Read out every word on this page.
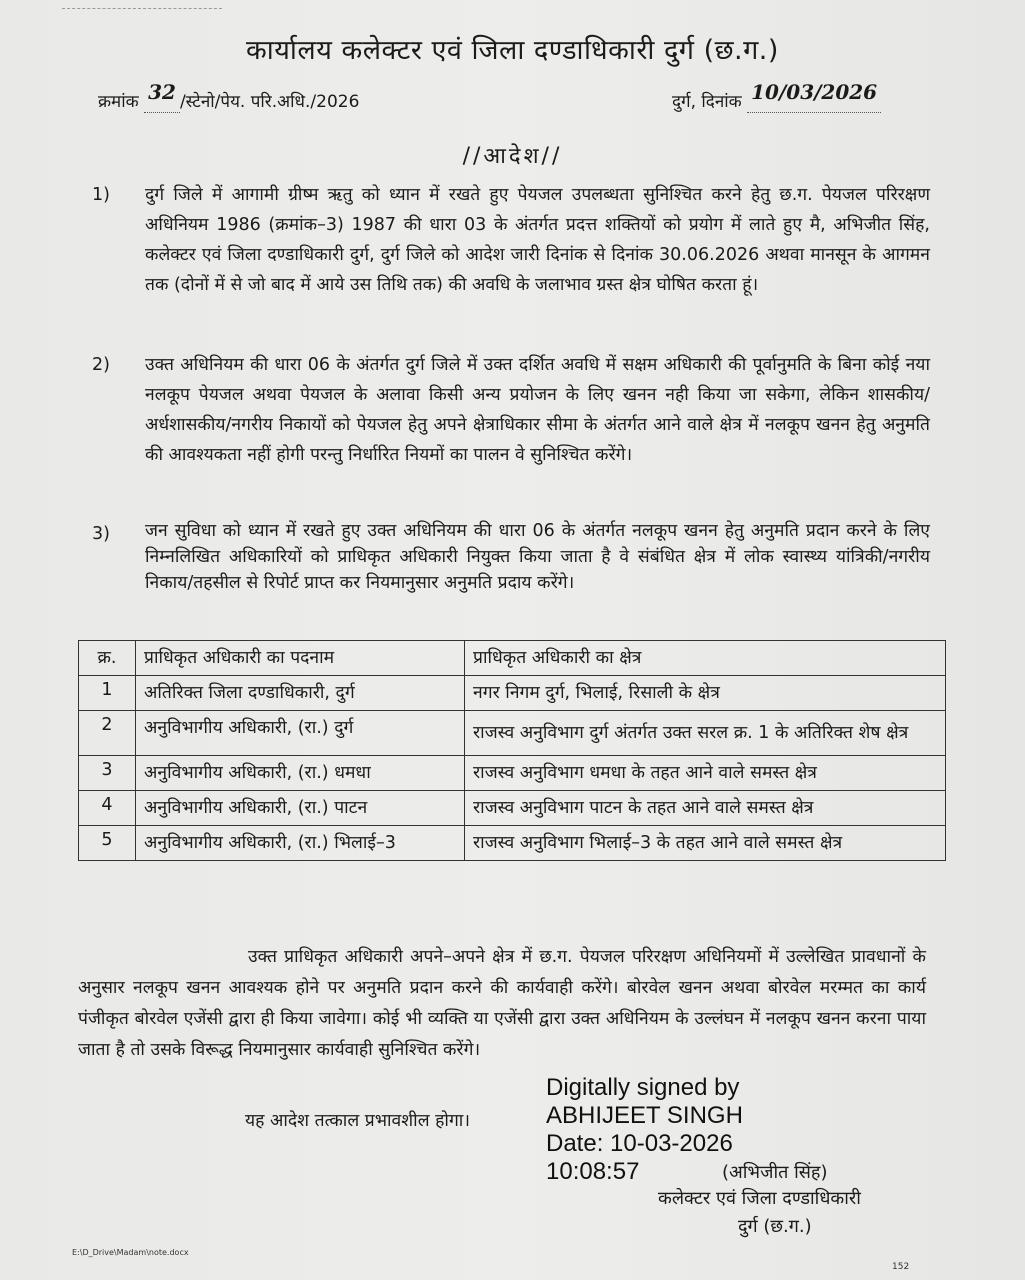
कार्यालय कलेक्टर एवं जिला दण्डाधिकारी दुर्ग (छ.ग.)
क्रमांक 32 /स्टेनो/पेय. परि.अधि./2026	दुर्ग, दिनांक 10/03/2026
//आदेश//
1) दुर्ग जिले में आगामी ग्रीष्म ऋतु को ध्यान में रखते हुए पेयजल उपलब्धता सुनिश्चित करने हेतु छ.ग. पेयजल परिरक्षण अधिनियम 1986 (क्रमांक–3) 1987 की धारा 03 के अंतर्गत प्रदत्त शक्तियों को प्रयोग में लाते हुए मै, अभिजीत सिंह, कलेक्टर एवं जिला दण्डाधिकारी दुर्ग, दुर्ग जिले को आदेश जारी दिनांक से दिनांक 30.06.2026 अथवा मानसून के आगमन तक (दोनों में से जो बाद में आये उस तिथि तक) की अवधि के जलाभाव ग्रस्त क्षेत्र घोषित करता हूं।
2) उक्त अधिनियम की धारा 06 के अंतर्गत दुर्ग जिले में उक्त दर्शित अवधि में सक्षम अधिकारी की पूर्वानुमति के बिना कोई नया नलकूप पेयजल अथवा पेयजल के अलावा किसी अन्य प्रयोजन के लिए खनन नही किया जा सकेगा, लेकिन शासकीय/अर्धशासकीय/नगरीय निकायों को पेयजल हेतु अपने क्षेत्राधिकार सीमा के अंतर्गत आने वाले क्षेत्र में नलकूप खनन हेतु अनुमति की आवश्यकता नहीं होगी परन्तु निर्धारित नियमों का पालन वे सुनिश्चित करेंगे।
3) जन सुविधा को ध्यान में रखते हुए उक्त अधिनियम की धारा 06 के अंतर्गत नलकूप खनन हेतु अनुमति प्रदान करने के लिए निम्नलिखित अधिकारियों को प्राधिकृत अधिकारी नियुक्त किया जाता है वे संबंधित क्षेत्र में लोक स्वास्थ्य यांत्रिकी/नगरीय निकाय/तहसील से रिपोर्ट प्राप्त कर नियमानुसार अनुमति प्रदाय करेंगे।
क्र.	प्राधिकृत अधिकारी का पदनाम	प्राधिकृत अधिकारी का क्षेत्र
1	अतिरिक्त जिला दण्डाधिकारी, दुर्ग	नगर निगम दुर्ग, भिलाई, रिसाली के क्षेत्र
2	अनुविभागीय अधिकारी, (रा.) दुर्ग	राजस्व अनुविभाग दुर्ग अंतर्गत उक्त सरल क्र. 1 के अतिरिक्त शेष क्षेत्र
3	अनुविभागीय अधिकारी, (रा.) धमधा	राजस्व अनुविभाग धमधा के तहत आने वाले समस्त क्षेत्र
4	अनुविभागीय अधिकारी, (रा.) पाटन	राजस्व अनुविभाग पाटन के तहत आने वाले समस्त क्षेत्र
5	अनुविभागीय अधिकारी, (रा.) भिलाई–3	राजस्व अनुविभाग भिलाई–3 के तहत आने वाले समस्त क्षेत्र
उक्त प्राधिकृत अधिकारी अपने–अपने क्षेत्र में छ.ग. पेयजल परिरक्षण अधिनियमों में उल्लेखित प्रावधानों के अनुसार नलकूप खनन आवश्यक होने पर अनुमति प्रदान करने की कार्यवाही करेंगे। बोरवेल खनन अथवा बोरवेल मरम्मत का कार्य पंजीकृत बोरवेल एजेंसी द्वारा ही किया जावेगा। कोई भी व्यक्ति या एजेंसी द्वारा उक्त अधिनियम के उल्लंघन में नलकूप खनन करना पाया जाता है तो उसके विरूद्ध नियमानुसार कार्यवाही सुनिश्चित करेंगे।
यह आदेश तत्काल प्रभावशील होगा।
Digitally signed by
ABHIJEET SINGH
Date: 10-03-2026
10:08:57	(अभिजीत सिंह)
कलेक्टर एवं जिला दण्डाधिकारी
दुर्ग (छ.ग.)
E:\D_Drive\Madam\note.docx
152
